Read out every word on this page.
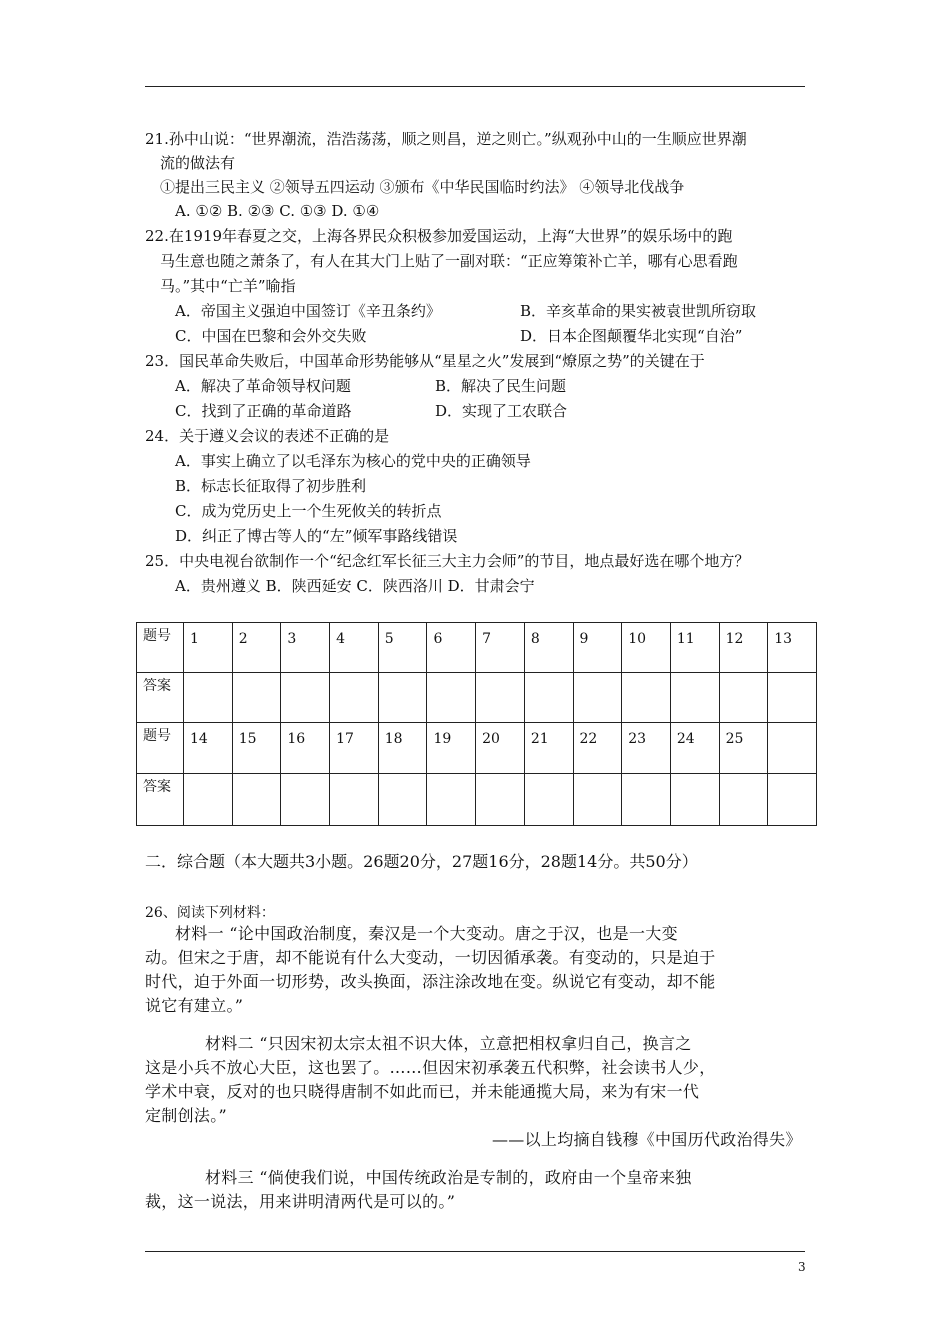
21.孙中山说：“世界潮流，浩浩荡荡，顺之则昌，逆之则亡。”纵观孙中山的一生顺应世界潮
流的做法有
①提出三民主义 ②领导五四运动 ③颁布《中华民国临时约法》 ④领导北伐战争
A. ①② B. ②③ C. ①③ D. ①④
22.在1919年春夏之交，上海各界民众积极参加爱国运动，上海“大世界”的娱乐场中的跑
马生意也随之萧条了，有人在其大门上贴了一副对联：“正应筹策补亡羊，哪有心思看跑
马。”其中“亡羊”喻指
A．帝国主义强迫中国签订《辛丑条约》	B．辛亥革命的果实被袁世凯所窃取
C．中国在巴黎和会外交失败	D．日本企图颠覆华北实现“自治”
23．国民革命失败后，中国革命形势能够从“星星之火”发展到“燎原之势”的关键在于
A．解决了革命领导权问题	B．解决了民生问题
C．找到了正确的革命道路	D．实现了工农联合
24．关于遵义会议的表述不正确的是
A．事实上确立了以毛泽东为核心的党中央的正确领导
B．标志长征取得了初步胜利
C．成为党历史上一个生死攸关的转折点
D．纠正了博古等人的“左”倾军事路线错误
25．中央电视台欲制作一个“纪念红军长征三大主力会师”的节目，地点最好选在哪个地方？
A．贵州遵义 B．陕西延安 C．陕西洛川 D．甘肃会宁
题号	1	2	3	4	5	6	7	8	9	10	11	12	13
答案													
题号	14	15	16	17	18	19	20	21	22	23	24	25	
答案													
二．综合题（本大题共3小题。26题20分，27题16分，28题14分。共50分）
26、阅读下列材料：
材料一 “论中国政治制度，秦汉是一个大变动。唐之于汉，也是一大变
动。但宋之于唐，却不能说有什么大变动，一切因循承袭。有变动的，只是迫于
时代，迫于外面一切形势，改头换面，添注涂改地在变。纵说它有变动，却不能
说它有建立。”
材料二 “只因宋初太宗太祖不识大体，立意把相权拿归自己，换言之
这是小兵不放心大臣，这也罢了。……但因宋初承袭五代积弊，社会读书人少，
学术中衰，反对的也只晓得唐制不如此而已，并未能通揽大局，来为有宋一代
定制创法。”
——以上均摘自钱穆《中国历代政治得失》
材料三 “倘使我们说，中国传统政治是专制的，政府由一个皇帝来独
裁，这一说法，用来讲明清两代是可以的。”
3
